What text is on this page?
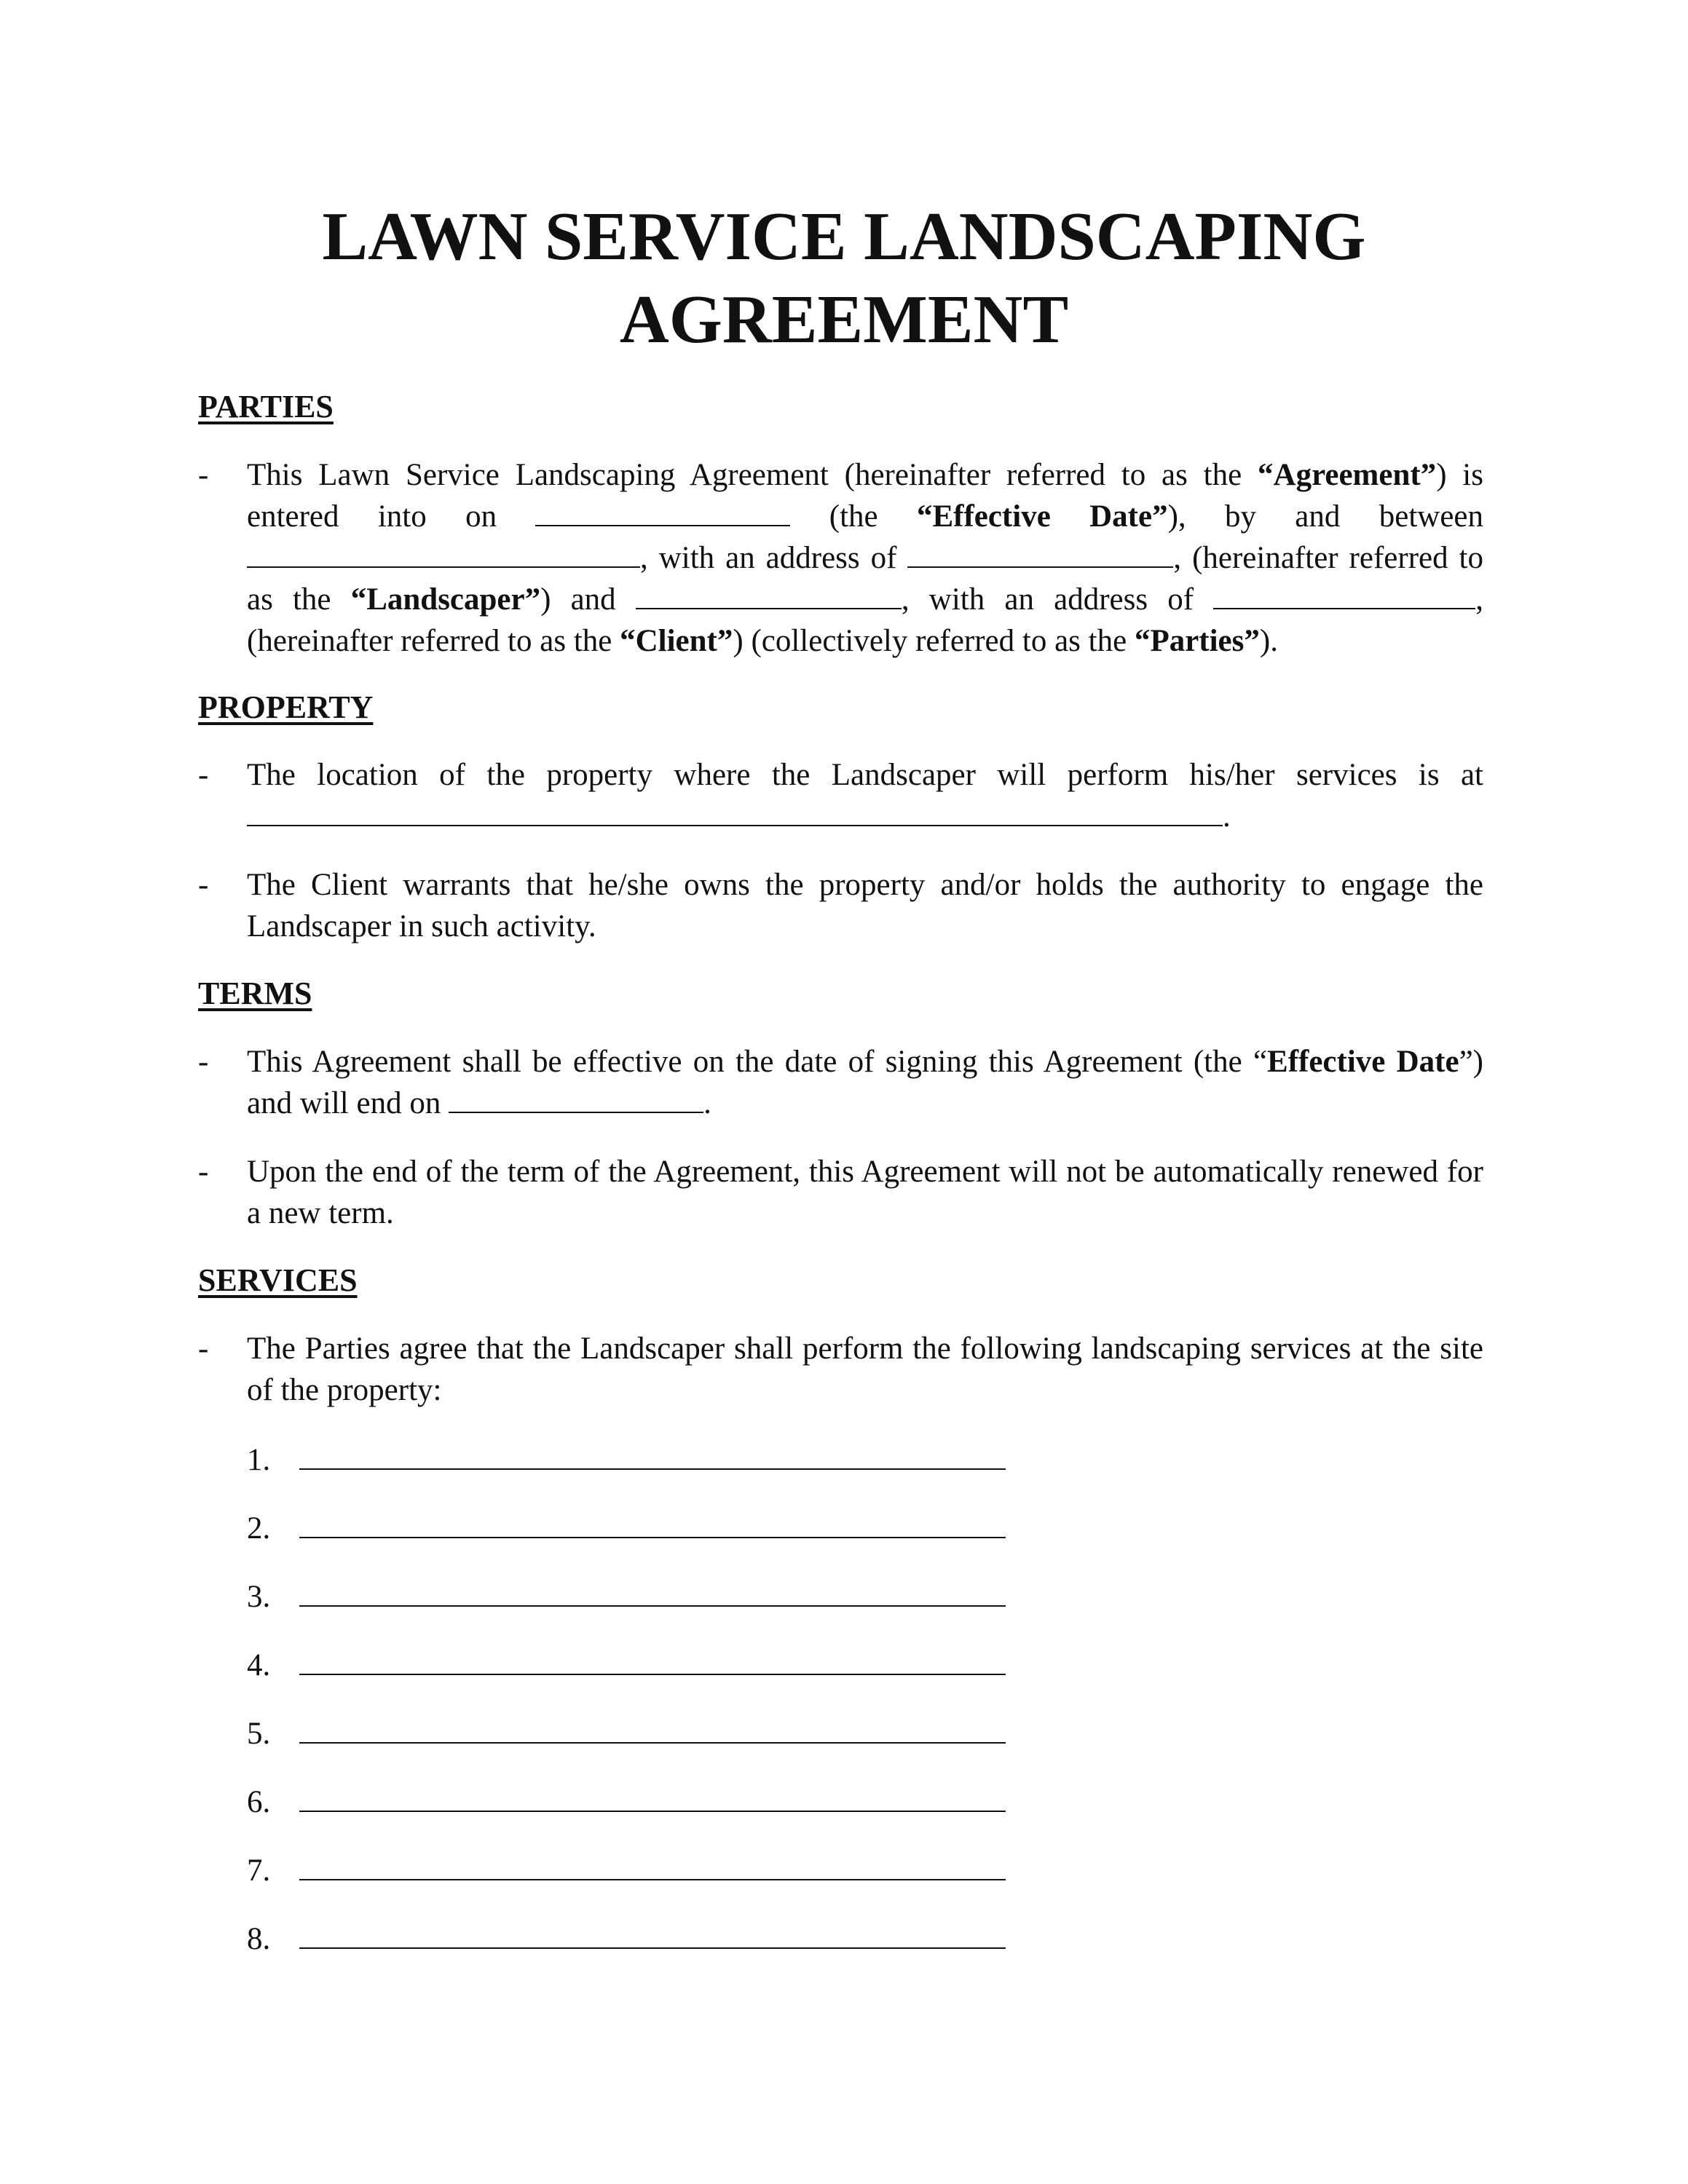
LAWN SERVICE LANDSCAPING
AGREEMENT
PARTIES
- This Lawn Service Landscaping Agreement (hereinafter referred to as the “Agreement”) is entered into on	(the “Effective Date”), by and between , with an address of	, (hereinafter referred to as the “Landscaper”) and	, with an address of	, (hereinafter referred to as the “Client”) (collectively referred to as the “Parties”).

PROPERTY
- The location of the property where the Landscaper will perform his/her services is at .

- The Client warrants that he/she owns the property and/or holds the authority to engage the Landscaper in such activity.

TERMS
- This Agreement shall be effective on the date of signing this Agreement (the “Effective Date”) and will end on	.

- Upon the end of the term of the Agreement, this Agreement will not be automatically renewed for a new term.

SERVICES
- The Parties agree that the Landscaper shall perform the following landscaping services at the site of the property:

1.
2.
3.
4.
5.
6.
7.
8.
